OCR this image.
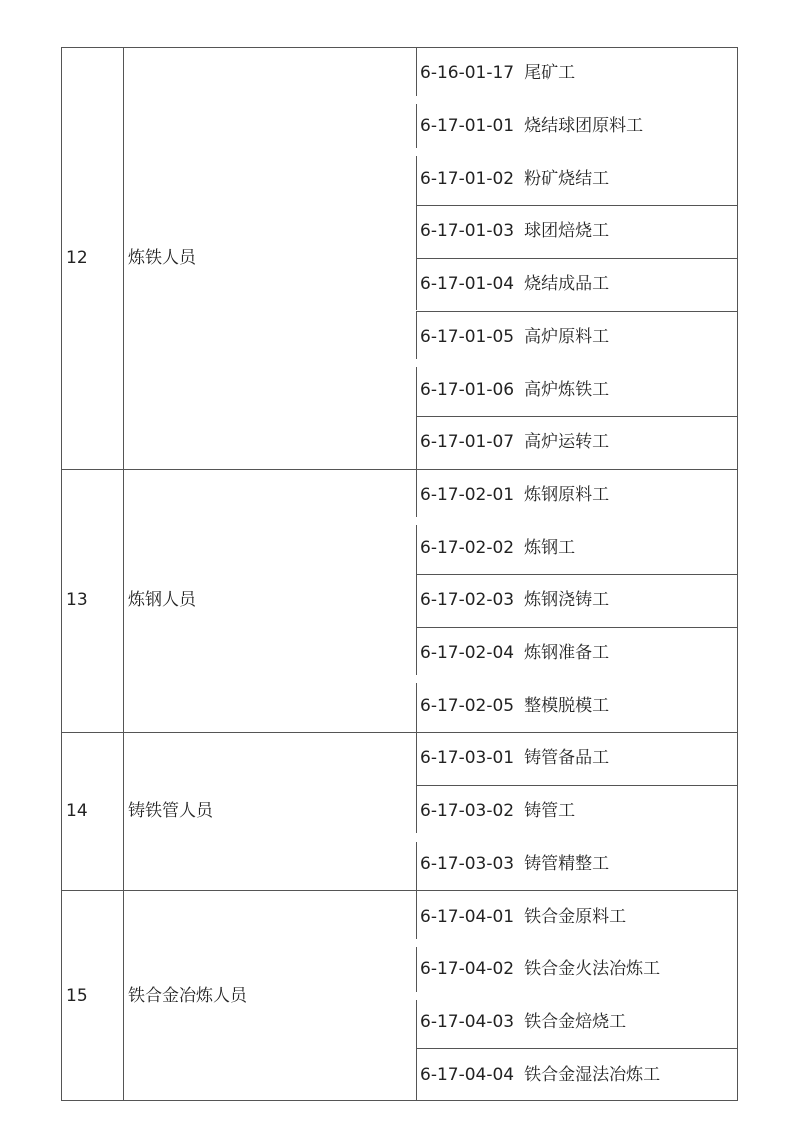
12 炼铁人员
6-16-01-17 尾矿工
6-17-01-01 烧结球团原料工
6-17-01-02 粉矿烧结工
6-17-01-03 球团焙烧工
6-17-01-04 烧结成品工
6-17-01-05 高炉原料工
6-17-01-06 高炉炼铁工
6-17-01-07 高炉运转工
13 炼钢人员
6-17-02-01 炼钢原料工
6-17-02-02 炼钢工
6-17-02-03 炼钢浇铸工
6-17-02-04 炼钢准备工
6-17-02-05 整模脱模工
14 铸铁管人员
6-17-03-01 铸管备品工
6-17-03-02 铸管工
6-17-03-03 铸管精整工
15 铁合金冶炼人员
6-17-04-01 铁合金原料工
6-17-04-02 铁合金火法冶炼工
6-17-04-03 铁合金焙烧工
6-17-04-04 铁合金湿法冶炼工
